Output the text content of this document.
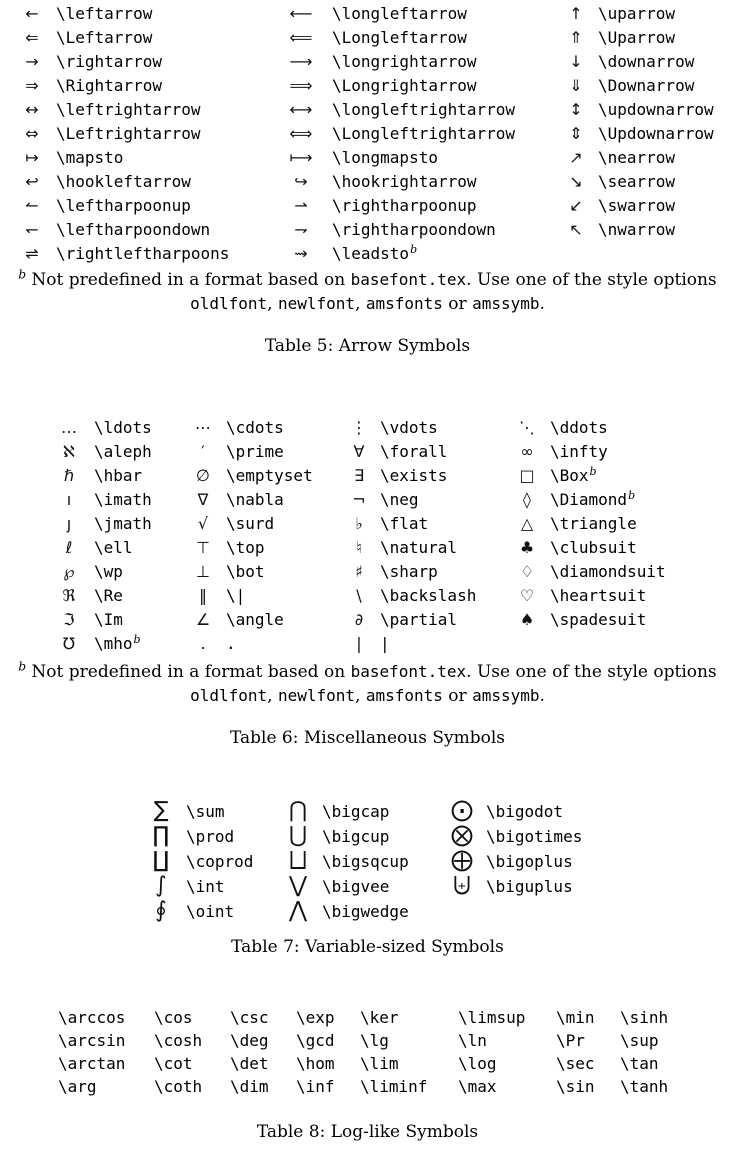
←	\leftarrow	⟵	\longleftarrow	↑	\uparrow
⇐	\Leftarrow	⟸	\Longleftarrow	⇑	\Uparrow
→	\rightarrow	⟶	\longrightarrow	↓	\downarrow
⇒	\Rightarrow	⟹	\Longrightarrow	⇓	\Downarrow
↔	\leftrightarrow	⟷	\longleftrightarrow	↕	\updownarrow
⇔	\Leftrightarrow	⟺	\Longleftrightarrow	⇕	\Updownarrow
↦	\mapsto	⟼	\longmapsto	↗	\nearrow
↩	\hookleftarrow	↪	\hookrightarrow	↘	\searrow
↼	\leftharpoonup	⇀	\rightharpoonup	↙	\swarrow
↽	\leftharpoondown	⇁	\rightharpoondown	↖	\nwarrow
⇌	\rightleftharpoons	⇝	\leadsto$^b$		
$^b$ Not predefined in a format based on basefont.tex. Use one of the style options
oldlfont, newlfont, amsfonts or amssymb.
Table 5: Arrow Symbols
…	\ldots	⋯	\cdots	⋮	\vdots	⋱	\ddots
ℵ	\aleph	′	\prime	∀	\forall	∞	\infty
ℏ	\hbar	∅	\emptyset	∃	\exists	□	\Box$^b$
ı	\imath	∇	\nabla	¬	\neg	◊	\Diamond$^b$
ȷ	\jmath	√	\surd	♭	\flat	△	\triangle
ℓ	\ell	⊤	\top	♮	\natural	♣	\clubsuit
℘	\wp	⊥	\bot	♯	\sharp	♢	\diamondsuit
ℜ	\Re	‖	\|	\	\backslash	♡	\heartsuit
ℑ	\Im	∠	\angle	∂	\partial	♠	\spadesuit
℧	\mho$^b$	.	.	|	|		
$^b$ Not predefined in a format based on basefont.tex. Use one of the style options
oldlfont, newlfont, amsfonts or amssymb.
Table 6: Miscellaneous Symbols
∑	\sum	⋂	\bigcap	⨀	\bigodot
∏	\prod	⋃	\bigcup	⨂	\bigotimes
∐	\coprod	⨆	\bigsqcup	⨁	\bigoplus
∫	\int	⋁	\bigvee	⨄	\biguplus
∮	\oint	⋀	\bigwedge		
Table 7: Variable-sized Symbols
\arccos	\cos	\csc	\exp	\ker	\limsup	\min	\sinh
\arcsin	\cosh	\deg	\gcd	\lg	\ln	\Pr	\sup
\arctan	\cot	\det	\hom	\lim	\log	\sec	\tan
\arg	\coth	\dim	\inf	\liminf	\max	\sin	\tanh
Table 8: Log-like Symbols
